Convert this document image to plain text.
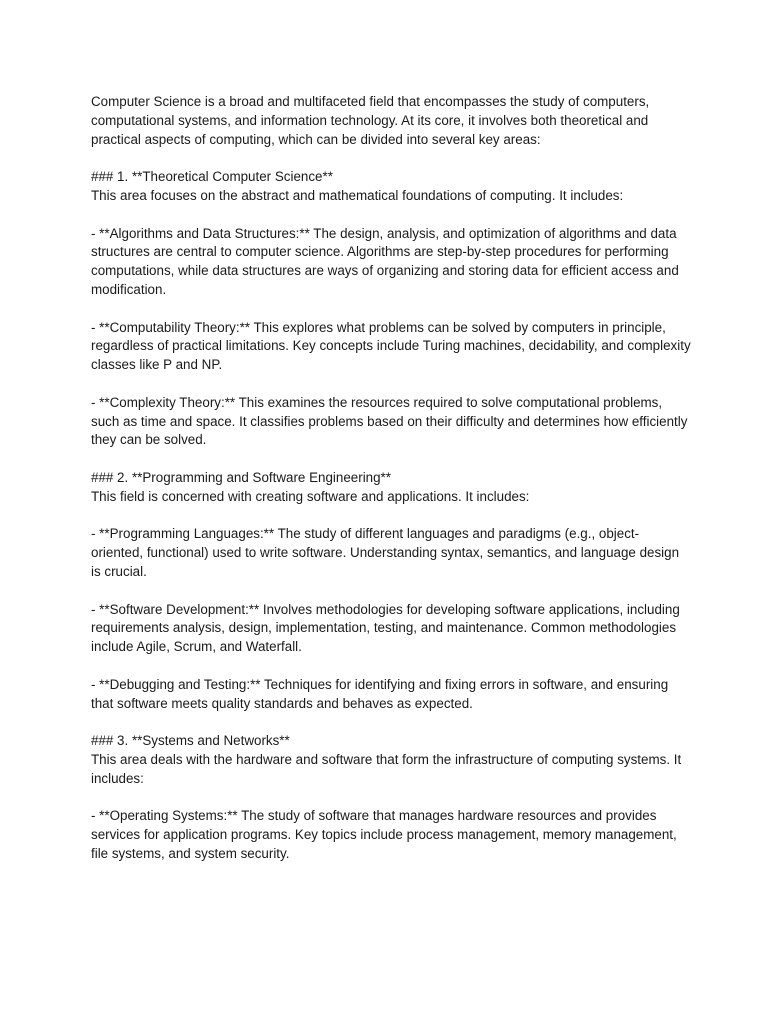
Computer Science is a broad and multifaceted field that encompasses the study of computers, computational systems, and information technology. At its core, it involves both theoretical and practical aspects of computing, which can be divided into several key areas:

### 1. **Theoretical Computer Science**
This area focuses on the abstract and mathematical foundations of computing. It includes:

- **Algorithms and Data Structures:** The design, analysis, and optimization of algorithms and data structures are central to computer science. Algorithms are step-by-step procedures for performing computations, while data structures are ways of organizing and storing data for efficient access and modification.

- **Computability Theory:** This explores what problems can be solved by computers in principle, regardless of practical limitations. Key concepts include Turing machines, decidability, and complexity classes like P and NP.

- **Complexity Theory:** This examines the resources required to solve computational problems, such as time and space. It classifies problems based on their difficulty and determines how efficiently they can be solved.

### 2. **Programming and Software Engineering**
This field is concerned with creating software and applications. It includes:

- **Programming Languages:** The study of different languages and paradigms (e.g., object-oriented, functional) used to write software. Understanding syntax, semantics, and language design is crucial.

- **Software Development:** Involves methodologies for developing software applications, including requirements analysis, design, implementation, testing, and maintenance. Common methodologies include Agile, Scrum, and Waterfall.

- **Debugging and Testing:** Techniques for identifying and fixing errors in software, and ensuring that software meets quality standards and behaves as expected.

### 3. **Systems and Networks**
This area deals with the hardware and software that form the infrastructure of computing systems. It includes:

- **Operating Systems:** The study of software that manages hardware resources and provides services for application programs. Key topics include process management, memory management, file systems, and system security.
